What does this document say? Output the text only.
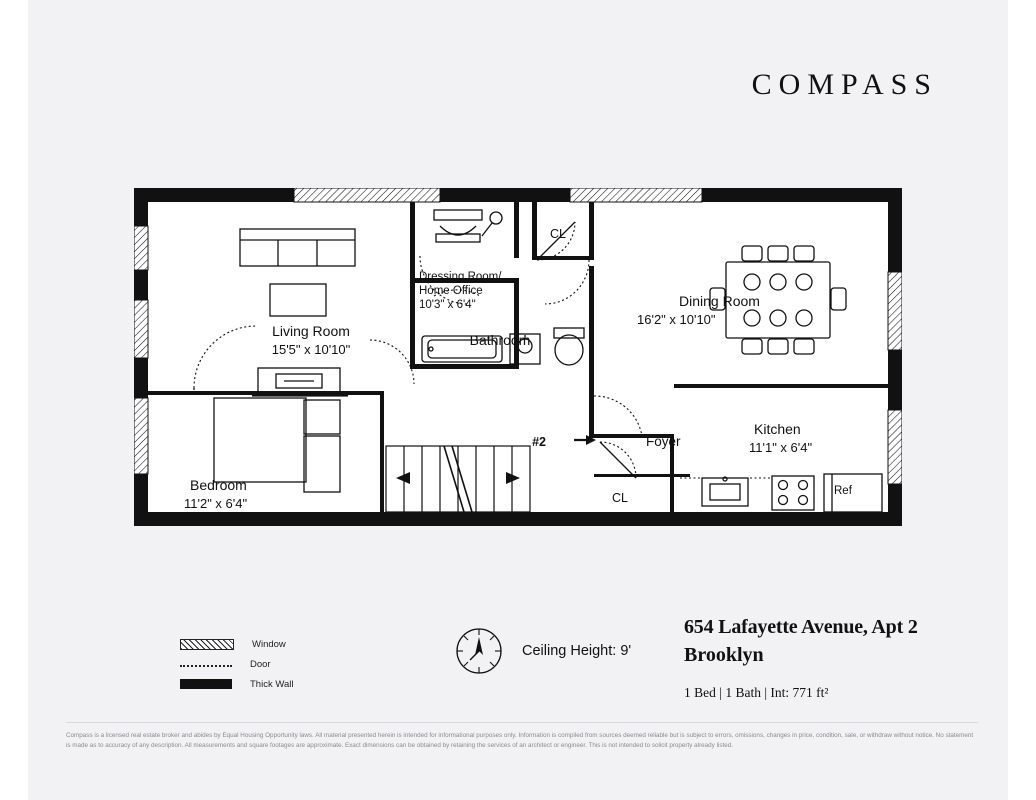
COMPASS
Living Room
15'5" x 10'10"
Dressing Room/
Home Office
10'3" x 6'4"
Bathroom
CL
Dining Room
16'2" x 10'10"
Kitchen
11'1" x 6'4"
Bedroom
11'2" x 6'4"
Foyer
CL
#2
Ref
Window
Door
Thick Wall
Ceiling Height: 9'
654 Lafayette Avenue, Apt 2
Brooklyn
1 Bed | 1 Bath | Int: 771 ft²
Compass is a licensed real estate broker and abides by Equal Housing Opportunity laws. All material presented herein is intended for informational purposes only. Information is compiled from sources deemed reliable but is subject to errors, omissions, changes in price, condition, sale, or withdraw without notice. No statement is made as to accuracy of any description. All measurements and square footages are approximate. Exact dimensions can be obtained by retaining the services of an architect or engineer. This is not intended to solicit property already listed.
